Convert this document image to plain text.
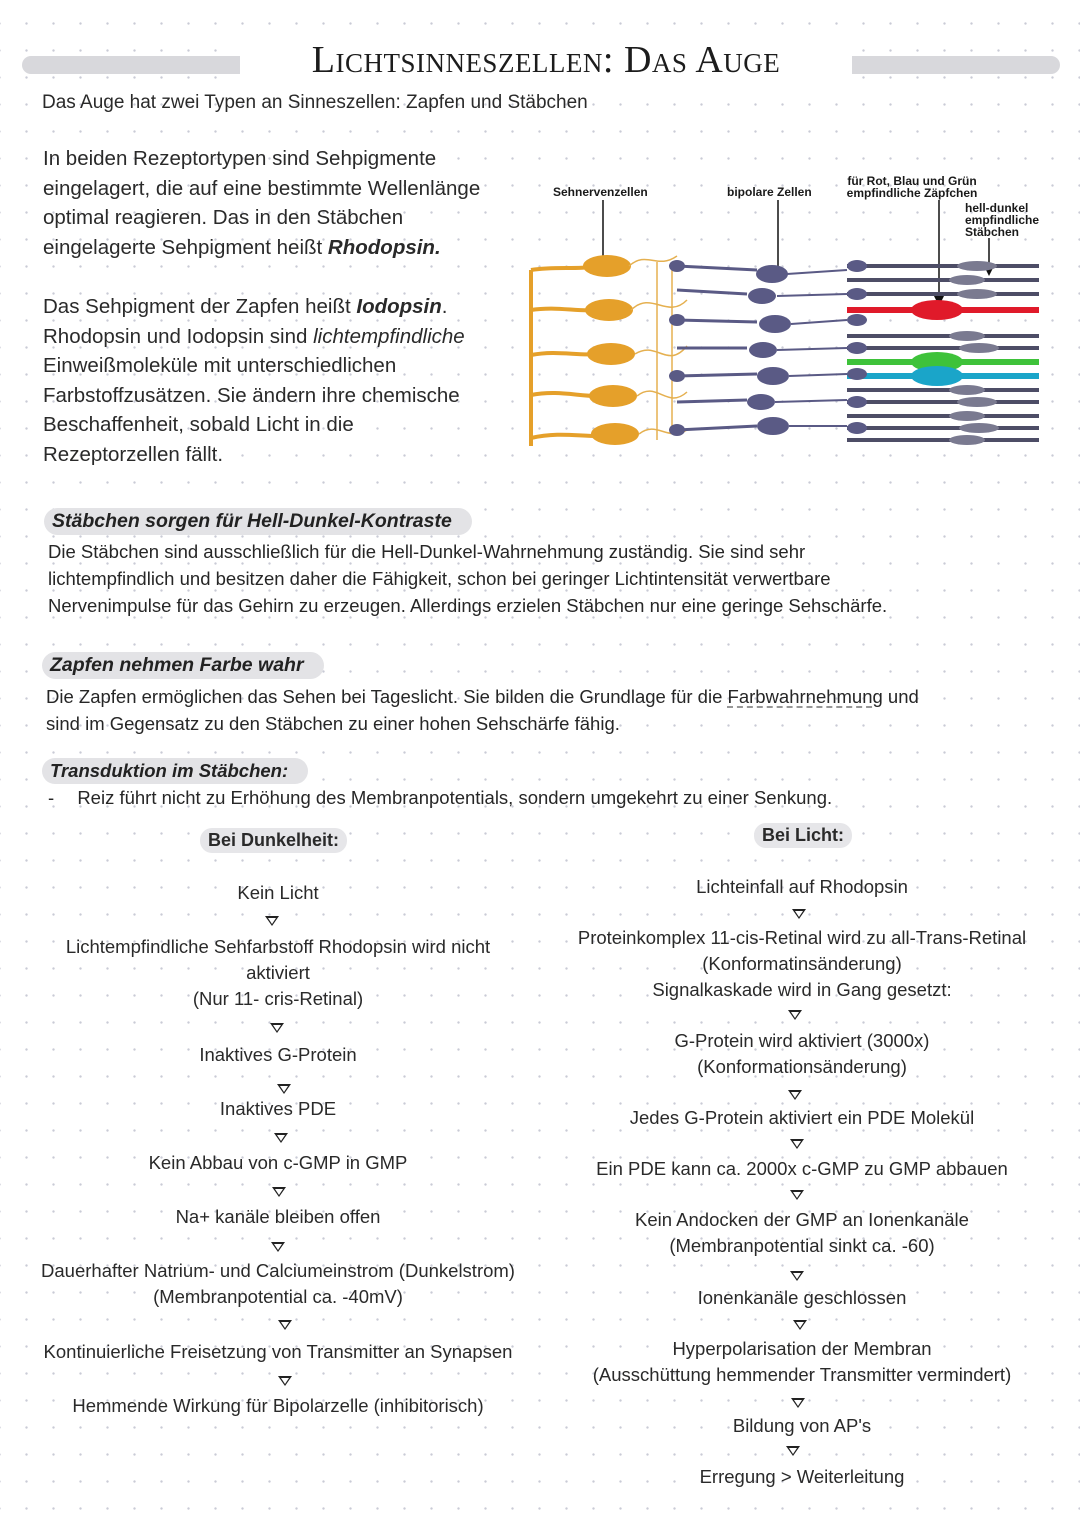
Lichtsinneszellen: Das Auge
Das Auge hat zwei Typen an Sinneszellen: Zapfen und Stäbchen
In beiden Rezeptortypen sind Sehpigmente
eingelagert, die auf eine bestimmte Wellenlänge
optimal reagieren. Das in den Stäbchen
eingelagerte Sehpigment heißt Rhodopsin.
Das Sehpigment der Zapfen heißt Iodopsin.
Rhodopsin und Iodopsin sind lichtempfindliche
Einweißmoleküle mit unterschiedlichen
Farbstoffzusätzen. Sie ändern ihre chemische
Beschaffenheit, sobald Licht in die
Rezeptorzellen fällt.
Sehnervenzellen	bipolare Zellen
für Rot, Blau und Grün
empfindliche Zäpfchen
hell-dunkel
empfindliche
Stäbchen
Stäbchen sorgen für Hell-Dunkel-Kontraste
Die Stäbchen sind ausschließlich für die Hell-Dunkel-Wahrnehmung zuständig. Sie sind sehr
lichtempfindlich und besitzen daher die Fähigkeit, schon bei geringer Lichtintensität verwertbare
Nervenimpulse für das Gehirn zu erzeugen. Allerdings erzielen Stäbchen nur eine geringe Sehschärfe.
Zapfen nehmen Farbe wahr
Die Zapfen ermöglichen das Sehen bei Tageslicht. Sie bilden die Grundlage für die Farbwahrnehmung und
sind im Gegensatz zu den Stäbchen zu einer hohen Sehschärfe fähig.
Transduktion im Stäbchen:
- Reiz führt nicht zu Erhöhung des Membranpotentials, sondern umgekehrt zu einer Senkung.
Bei Dunkelheit:
Kein Licht
Lichtempfindliche Sehfarbstoff Rhodopsin wird nicht
aktiviert
(Nur 11- cris-Retinal)
Inaktives G-Protein
Inaktives PDE
Kein Abbau von c-GMP in GMP
Na+ kanäle bleiben offen
Dauerhafter Natrium- und Calciumeinstrom (Dunkelstrom)
(Membranpotential ca. -40mV)
Kontinuierliche Freisetzung von Transmitter an Synapsen
Hemmende Wirkung für Bipolarzelle (inhibitorisch)
Bei Licht:
Lichteinfall auf Rhodopsin
Proteinkomplex 11-cis-Retinal wird zu all-Trans-Retinal
(Konformatinsänderung)
Signalkaskade wird in Gang gesetzt:
G-Protein wird aktiviert (3000x)
(Konformationsänderung)
Jedes G-Protein aktiviert ein PDE Molekül
Ein PDE kann ca. 2000x c-GMP zu GMP abbauen
Kein Andocken der GMP an Ionenkanäle
(Membranpotential sinkt ca. -60)
Ionenkanäle geschlossen
Hyperpolarisation der Membran
(Ausschüttung hemmender Transmitter vermindert)
Bildung von AP's
Erregung > Weiterleitung
